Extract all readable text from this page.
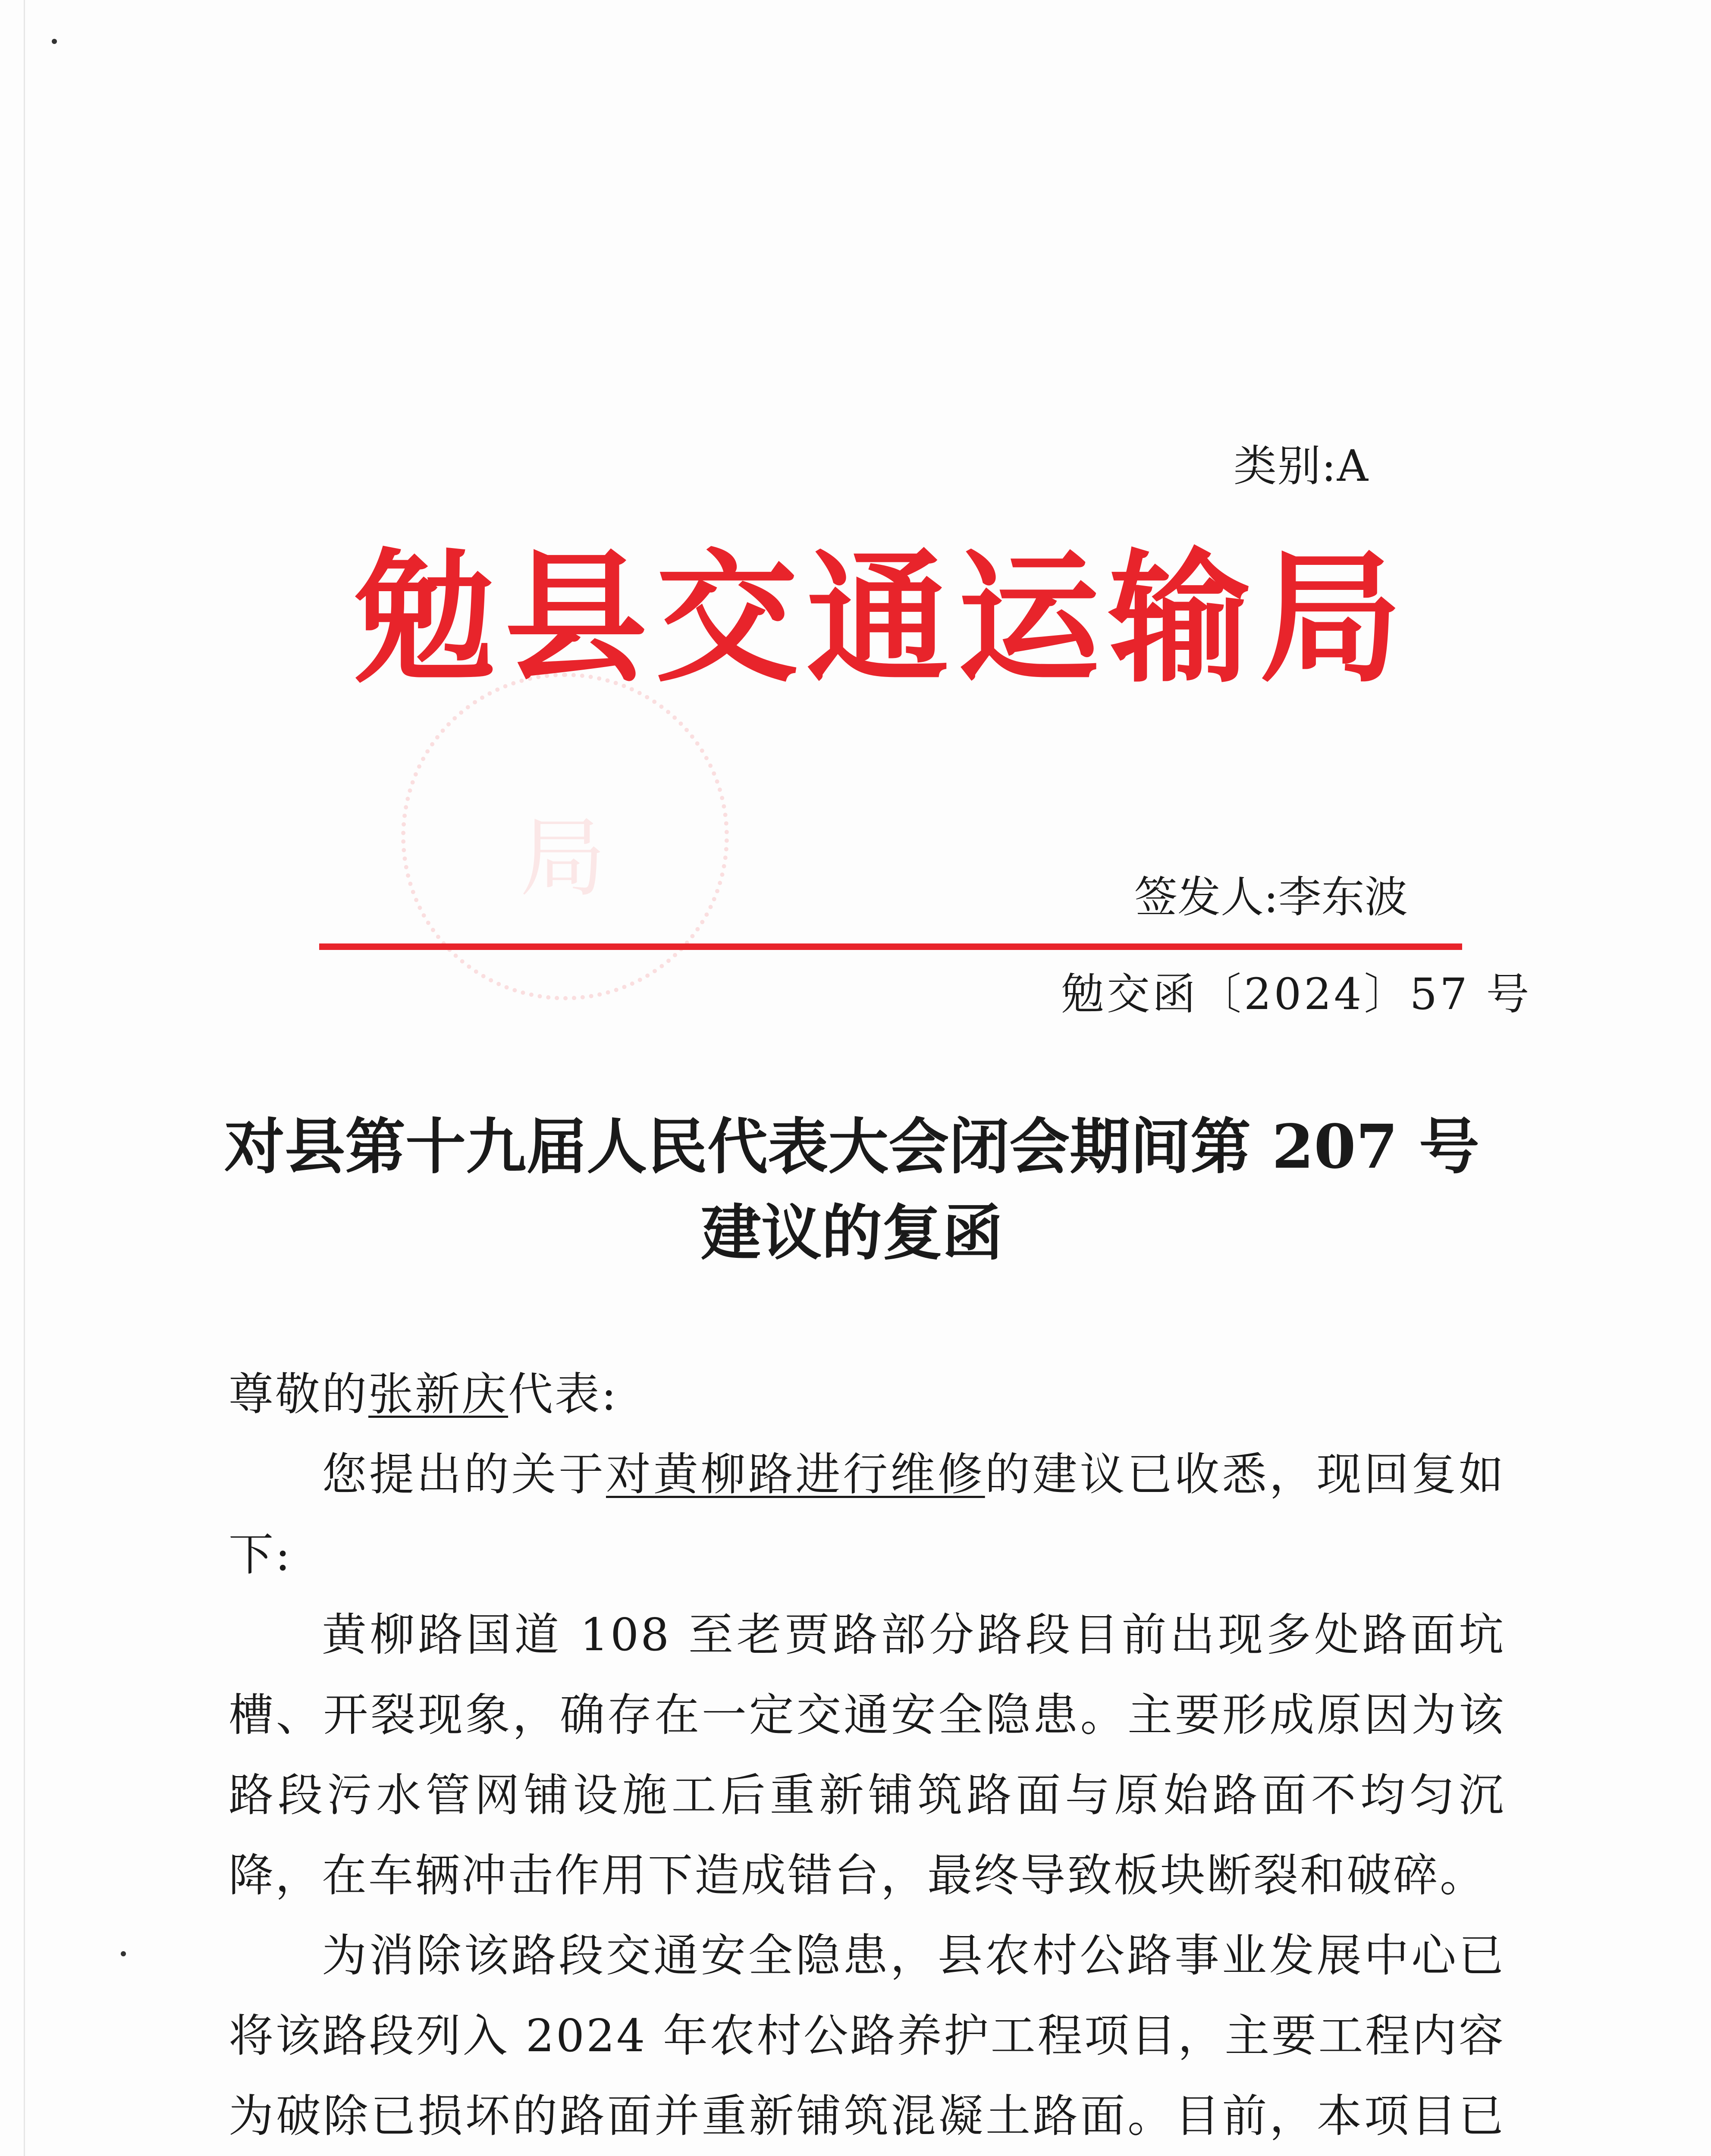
类别:A
勉县交通运输局
局	签发人:李东波
勉交函〔2024〕57 号
对县第十九届人民代表大会闭会期间第 207 号
建议的复函

尊敬的张新庆代表:

您提出的关于对黄柳路进行维修的建议已收悉，现回复如下:

黄柳路国道 108 至老贾路部分路段目前出现多处路面坑槽、开裂现象，确存在一定交通安全隐患。主要形成原因为该路段污水管网铺设施工后重新铺筑路面与原始路面不均匀沉降，在车辆冲击作用下造成错台，最终导致板块断裂和破碎。

为消除该路段交通安全隐患，县农村公路事业发展中心已将该路段列入 2024 年农村公路养护工程项目，主要工程内容为破除已损坏的路面并重新铺筑混凝土路面。目前，本项目已
